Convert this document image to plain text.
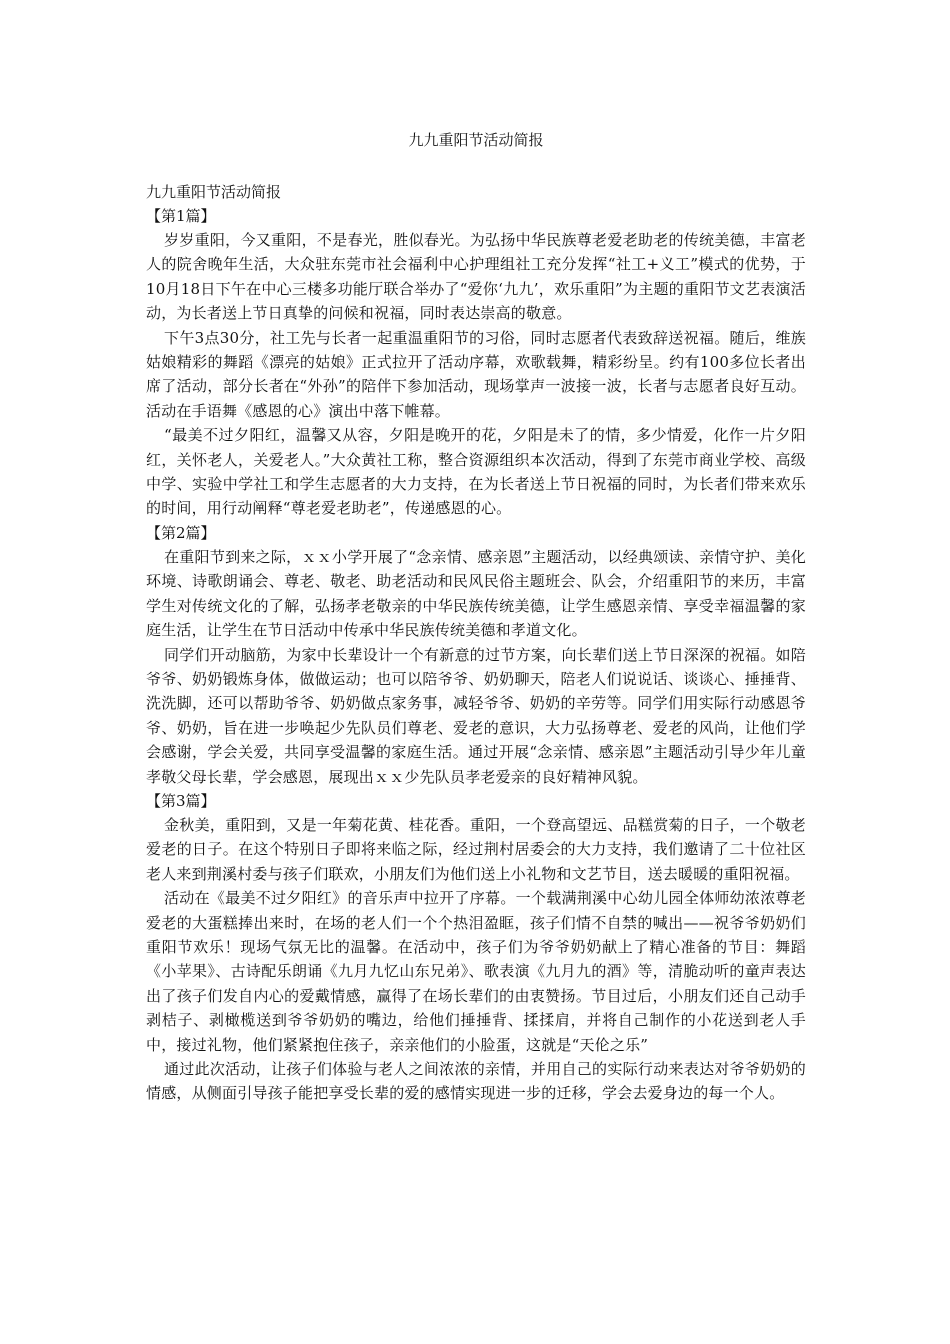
九九重阳节活动简报

九九重阳节活动简报

【第1篇】

岁岁重阳，今又重阳，不是春光，胜似春光。为弘扬中华民族尊老爱老助老的传统美德，丰富老人的院舍晚年生活，大众驻东莞市社会福利中心护理组社工充分发挥“社工+义工”模式的优势，于10月18日下午在中心三楼多功能厅联合举办了“爱你‘九九’，欢乐重阳”为主题的重阳节文艺表演活动，为长者送上节日真挚的问候和祝福，同时表达崇高的敬意。

下午3点30分，社工先与长者一起重温重阳节的习俗，同时志愿者代表致辞送祝福。随后，维族姑娘精彩的舞蹈《漂亮的姑娘》正式拉开了活动序幕，欢歌载舞，精彩纷呈。约有100多位长者出席了活动，部分长者在“外孙”的陪伴下参加活动，现场掌声一波接一波，长者与志愿者良好互动。活动在手语舞《感恩的心》演出中落下帷幕。

“最美不过夕阳红，温馨又从容，夕阳是晚开的花，夕阳是未了的情，多少情爱，化作一片夕阳红，关怀老人，关爱老人。”大众黄社工称，整合资源组织本次活动，得到了东莞市商业学校、高级中学、实验中学社工和学生志愿者的大力支持，在为长者送上节日祝福的同时，为长者们带来欢乐的时间，用行动阐释“尊老爱老助老”，传递感恩的心。

【第2篇】

在重阳节到来之际，ｘｘ小学开展了“念亲情、感亲恩”主题活动，以经典颂读、亲情守护、美化环境、诗歌朗诵会、尊老、敬老、助老活动和民风民俗主题班会、队会，介绍重阳节的来历，丰富学生对传统文化的了解，弘扬孝老敬亲的中华民族传统美德，让学生感恩亲情、享受幸福温馨的家庭生活，让学生在节日活动中传承中华民族传统美德和孝道文化。

同学们开动脑筋，为家中长辈设计一个有新意的过节方案，向长辈们送上节日深深的祝福。如陪爷爷、奶奶锻炼身体，做做运动；也可以陪爷爷、奶奶聊天，陪老人们说说话、谈谈心、捶捶背、洗洗脚，还可以帮助爷爷、奶奶做点家务事，减轻爷爷、奶奶的辛劳等。同学们用实际行动感恩爷爷、奶奶，旨在进一步唤起少先队员们尊老、爱老的意识，大力弘扬尊老、爱老的风尚，让他们学会感谢，学会关爱，共同享受温馨的家庭生活。通过开展“念亲情、感亲恩”主题活动引导少年儿童孝敬父母长辈，学会感恩，展现出ｘｘ少先队员孝老爱亲的良好精神风貌。

【第3篇】

金秋美，重阳到，又是一年菊花黄、桂花香。重阳，一个登高望远、品糕赏菊的日子，一个敬老爱老的日子。在这个特别日子即将来临之际，经过荆村居委会的大力支持，我们邀请了二十位社区老人来到荆溪村委与孩子们联欢，小朋友们为他们送上小礼物和文艺节目，送去暖暖的重阳祝福。

活动在《最美不过夕阳红》的音乐声中拉开了序幕。一个载满荆溪中心幼儿园全体师幼浓浓尊老爱老的大蛋糕捧出来时，在场的老人们一个个热泪盈眶，孩子们情不自禁的喊出——祝爷爷奶奶们重阳节欢乐！现场气氛无比的温馨。在活动中，孩子们为爷爷奶奶献上了精心准备的节目：舞蹈《小苹果》、古诗配乐朗诵《九月九忆山东兄弟》、歌表演《九月九的酒》等，清脆动听的童声表达出了孩子们发自内心的爱戴情感，赢得了在场长辈们的由衷赞扬。节目过后，小朋友们还自己动手剥桔子、剥橄榄送到爷爷奶奶的嘴边，给他们捶捶背、揉揉肩，并将自己制作的小花送到老人手中，接过礼物，他们紧紧抱住孩子，亲亲他们的小脸蛋，这就是“天伦之乐”

通过此次活动，让孩子们体验与老人之间浓浓的亲情，并用自己的实际行动来表达对爷爷奶奶的情感，从侧面引导孩子能把享受长辈的爱的感情实现进一步的迁移，学会去爱身边的每一个人。
